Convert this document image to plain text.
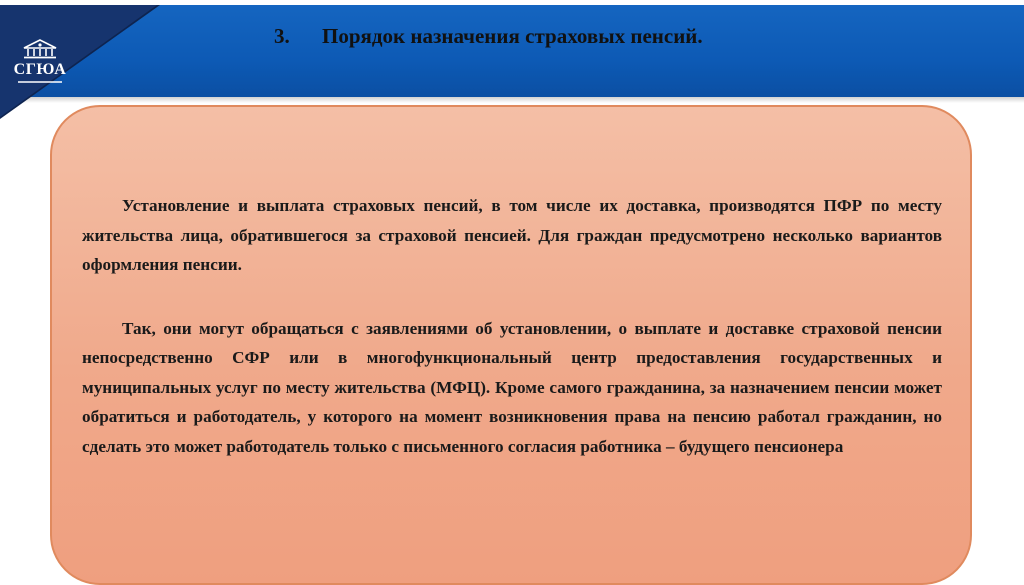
3. Порядок назначения страховых пенсий.
СГЮА

Установление и выплата страховых пенсий, в том числе их доставка, производятся ПФР по месту жительства лица, обратившегося за страховой пенсией. Для граждан предусмотрено несколько вариантов оформления пенсии.

Так, они могут обращаться с заявлениями об установлении, о выплате и доставке страховой пенсии непосредственно СФР или в многофункциональный центр предоставления государственных и муниципальных услуг по месту жительства (МФЦ). Кроме самого гражданина, за назначением пенсии может обратиться и работодатель, у которого на момент возникновения права на пенсию работал гражданин, но сделать это может работодатель только с письменного согласия работника – будущего пенсионера
